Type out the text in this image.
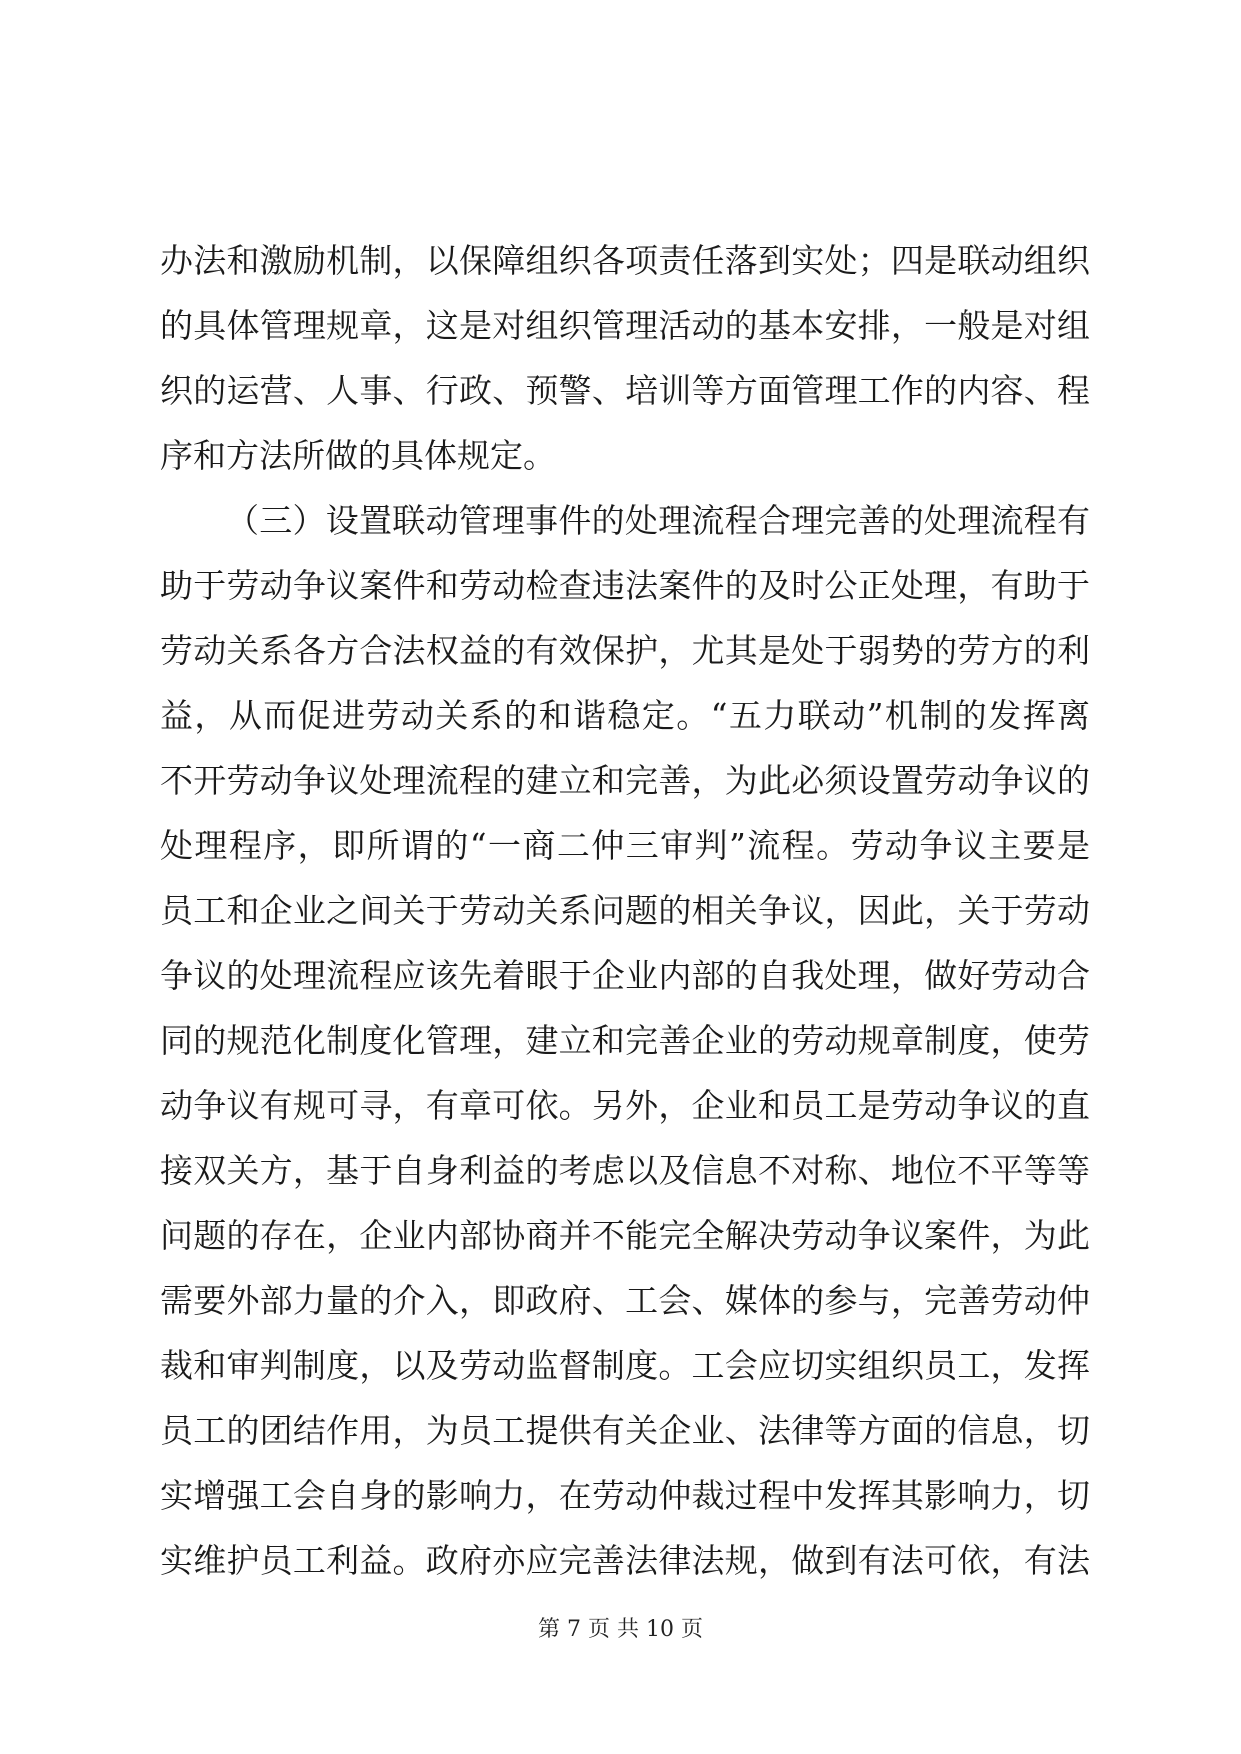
办法和激励机制，以保障组织各项责任落到实处；四是联动组织
的具体管理规章，这是对组织管理活动的基本安排，一般是对组
织的运营、人事、行政、预警、培训等方面管理工作的内容、程
序和方法所做的具体规定。
（三）设置联动管理事件的处理流程合理完善的处理流程有
助于劳动争议案件和劳动检查违法案件的及时公正处理，有助于
劳动关系各方合法权益的有效保护，尤其是处于弱势的劳方的利
益，从而促进劳动关系的和谐稳定。“五力联动”机制的发挥离
不开劳动争议处理流程的建立和完善，为此必须设置劳动争议的
处理程序，即所谓的“一商二仲三审判”流程。劳动争议主要是
员工和企业之间关于劳动关系问题的相关争议，因此，关于劳动
争议的处理流程应该先着眼于企业内部的自我处理，做好劳动合
同的规范化制度化管理，建立和完善企业的劳动规章制度，使劳
动争议有规可寻，有章可依。另外，企业和员工是劳动争议的直
接双关方，基于自身利益的考虑以及信息不对称、地位不平等等
问题的存在，企业内部协商并不能完全解决劳动争议案件，为此
需要外部力量的介入，即政府、工会、媒体的参与，完善劳动仲
裁和审判制度，以及劳动监督制度。工会应切实组织员工，发挥
员工的团结作用，为员工提供有关企业、法律等方面的信息，切
实增强工会自身的影响力，在劳动仲裁过程中发挥其影响力，切
实维护员工利益。政府亦应完善法律法规，做到有法可依，有法
第 7 页 共 10 页
